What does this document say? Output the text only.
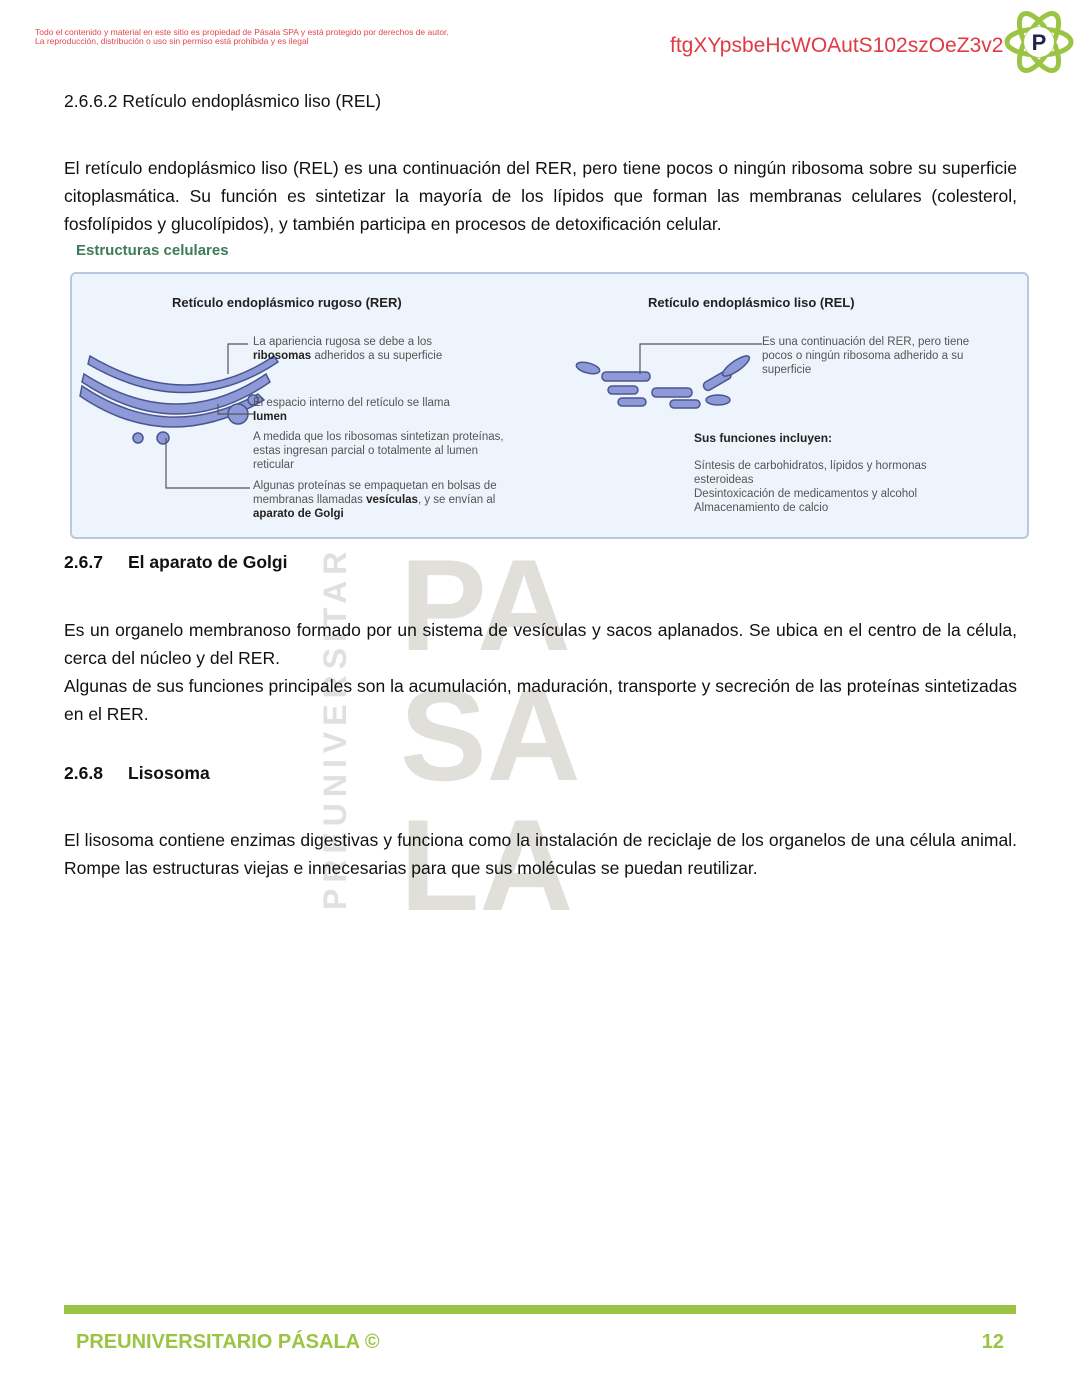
Todo el contenido y material en este sitio es propiedad de Pásala SPA y está protegido por derechos de autor.
La reproducción, distribución o uso sin permiso está prohibida y es ilegal	ftgXYpsbeHcWOAutS102szOeZ3v2 P
PREUNIVERSITAR PA
SA
LA
2.6.6.2 Retículo endoplásmico liso (REL)
El retículo endoplásmico liso (REL) es una continuación del RER, pero tiene pocos o ningún ribosoma sobre su superficie citoplasmática. Su función es sintetizar la mayoría de los lípidos que forman las membranas celulares (colesterol, fosfolípidos y glucolípidos), y también participa en procesos de detoxificación celular.
Estructuras celulares
Retículo endoplásmico rugoso (RER)
La apariencia rugosa se debe a los
ribosomas adheridos a su superficie
El espacio interno del retículo se llama
lumen
A medida que los ribosomas sintetizan proteínas, estas ingresan parcial o totalmente al lumen reticular
Algunas proteínas se empaquetan en bolsas de membranas llamadas vesículas, y se envían al aparato de Golgi
Retículo endoplásmico liso (REL)
Es una continuación del RER, pero tiene pocos o ningún ribosoma adherido a su superficie
Sus funciones incluyen:
Síntesis de carbohidratos, lípidos y hormonas esteroideas
Desintoxicación de medicamentos y alcohol
Almacenamiento de calcio
2.6.7 El aparato de Golgi
Es un organelo membranoso formado por un sistema de vesículas y sacos aplanados. Se ubica en el centro de la célula, cerca del núcleo y del RER.
Algunas de sus funciones principales son la acumulación, maduración, transporte y secreción de las proteínas sintetizadas en el RER.
2.6.8 Lisosoma
El lisosoma contiene enzimas digestivas y funciona como la instalación de reciclaje de los organelos de una célula animal. Rompe las estructuras viejas e innecesarias para que sus moléculas se puedan reutilizar.
PREUNIVERSITARIO PÁSALA ©	12
